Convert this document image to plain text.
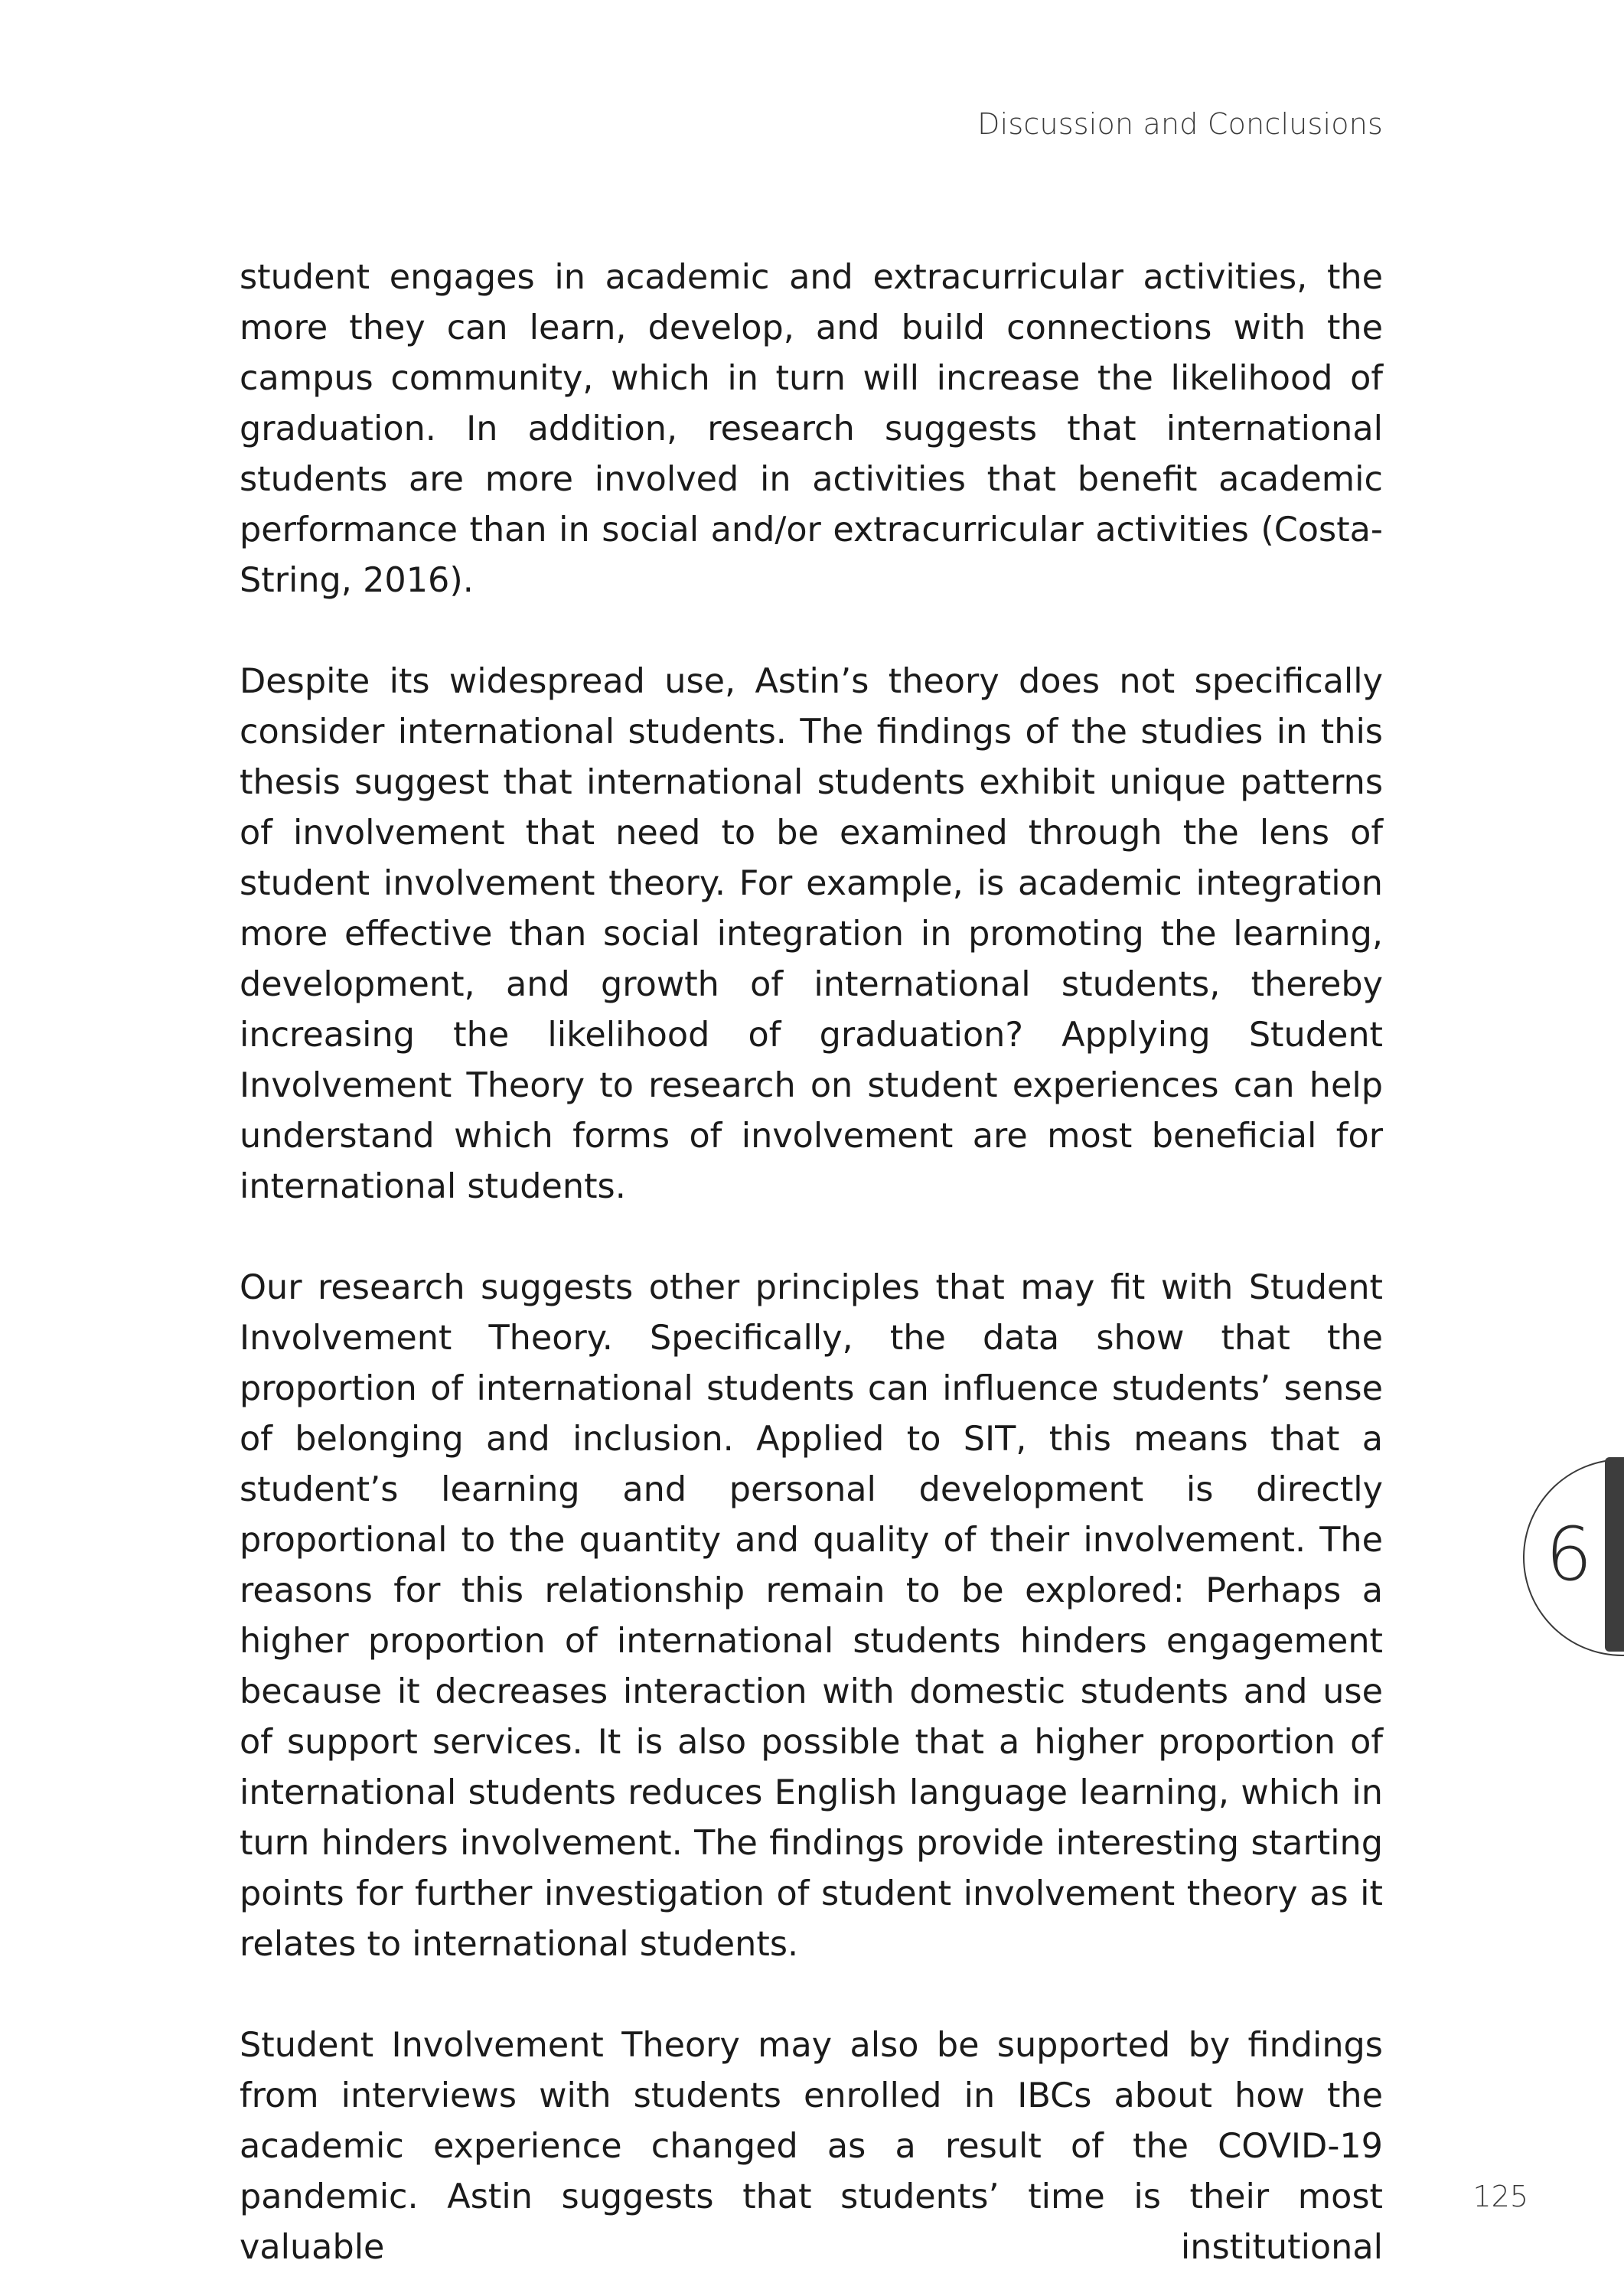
Discussion and Conclusions

student engages in academic and extracurricular activities, the more they can learn, develop, and build connections with the campus community, which in turn will increase the likelihood of graduation. In addition, research suggests that international students are more involved in activities that benefit academic performance than in social and/or extracurricular activities (Costa-String, 2016).

Despite its widespread use, Astin’s theory does not specifically consider international students. The findings of the studies in this thesis suggest that international students exhibit unique patterns of involvement that need to be examined through the lens of student involvement theory. For example, is academic integration more effective than social integration in promoting the learning, development, and growth of international students, thereby increasing the likelihood of graduation? Applying Student Involvement Theory to research on student experiences can help understand which forms of involvement are most beneficial for international students.

Our research suggests other principles that may fit with Student Involvement Theory. Specifically, the data show that the proportion of international students can influence students’ sense of belonging and inclusion. Applied to SIT, this means that a student’s learning and personal development is directly proportional to the quantity and quality of their involvement. The reasons for this relationship remain to be explored: Perhaps a higher proportion of international students hinders engagement because it decreases interaction with domestic students and use of support services. It is also possible that a higher proportion of international students reduces English language learning, which in turn hinders involvement. The findings provide interesting starting points for further investigation of student involvement theory as it relates to international students.

Student Involvement Theory may also be supported by findings from interviews with students enrolled in IBCs about how the academic experience changed as a result of the COVID-19 pandemic. Astin suggests that students’ time is their most valuable institutional

6
125
